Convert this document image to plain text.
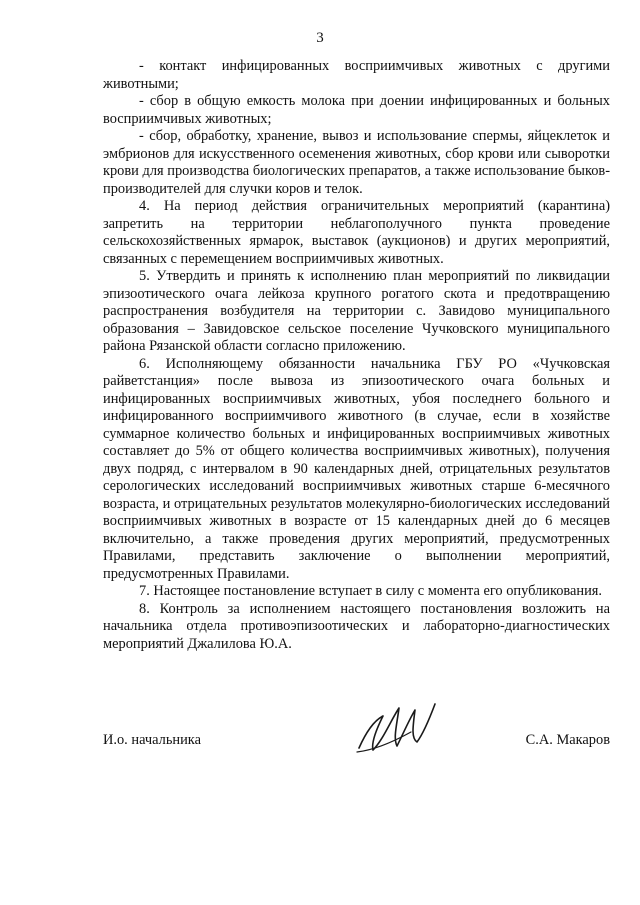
3

- контакт инфицированных восприимчивых животных с другими животными;

- сбор в общую емкость молока при доении инфицированных и больных восприимчивых животных;

- сбор, обработку, хранение, вывоз и использование спермы, яйцеклеток и эмбрионов для искусственного осеменения животных, сбор крови или сыворотки крови для производства биологических препаратов, а также использование быков-производителей для случки коров и телок.

4. На период действия ограничительных мероприятий (карантина) запретить на территории неблагополучного пункта проведение сельскохозяйственных ярмарок, выставок (аукционов) и других мероприятий, связанных с перемещением восприимчивых животных.

5. Утвердить и принять к исполнению план мероприятий по ликвидации эпизоотического очага лейкоза крупного рогатого скота и предотвращению распространения возбудителя на территории с. Завидово муниципального образования – Завидовское сельское поселение Чучковского муниципального района Рязанской области согласно приложению.

6. Исполняющему обязанности начальника ГБУ РО «Чучковская райветстанция» после вывоза из эпизоотического очага больных и инфицированных восприимчивых животных, убоя последнего больного и инфицированного восприимчивого животного (в случае, если в хозяйстве суммарное количество больных и инфицированных восприимчивых животных составляет до 5% от общего количества восприимчивых животных), получения двух подряд, с интервалом в 90 календарных дней, отрицательных результатов серологических исследований восприимчивых животных старше 6-месячного возраста, и отрицательных результатов молекулярно-биологических исследований восприимчивых животных в возрасте от 15 календарных дней до 6 месяцев включительно, а также проведения других мероприятий, предусмотренных Правилами, представить заключение о выполнении мероприятий, предусмотренных Правилами.

7. Настоящее постановление вступает в силу с момента его опубликования.

8. Контроль за исполнением настоящего постановления возложить на начальника отдела противоэпизоотических и лабораторно-диагностических мероприятий Джалилова Ю.А.

И.о. начальника	С.А. Макаров
